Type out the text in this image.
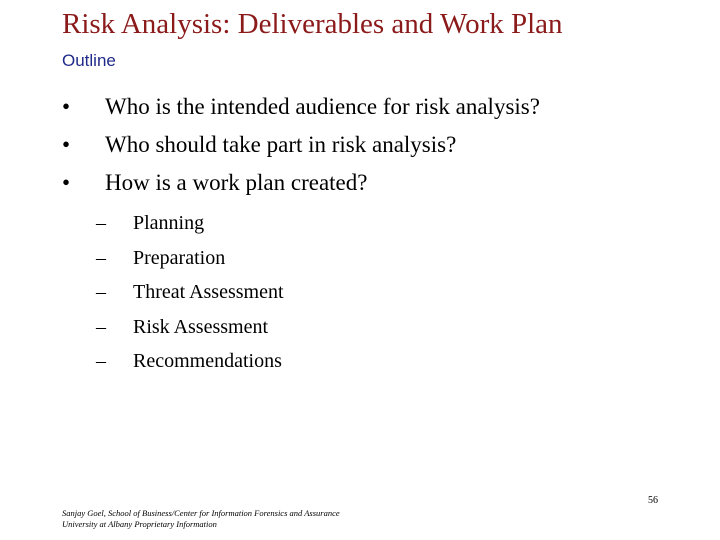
Risk Analysis: Deliverables and Work Plan
Outline
• Who is the intended audience for risk analysis?
• Who should take part in risk analysis?
• How is a work plan created?
– Planning
– Preparation
– Threat Assessment
– Risk Assessment
– Recommendations
Sanjay Goel, School of Business/Center for Information Forensics and Assurance
University at Albany Proprietary Information
56
